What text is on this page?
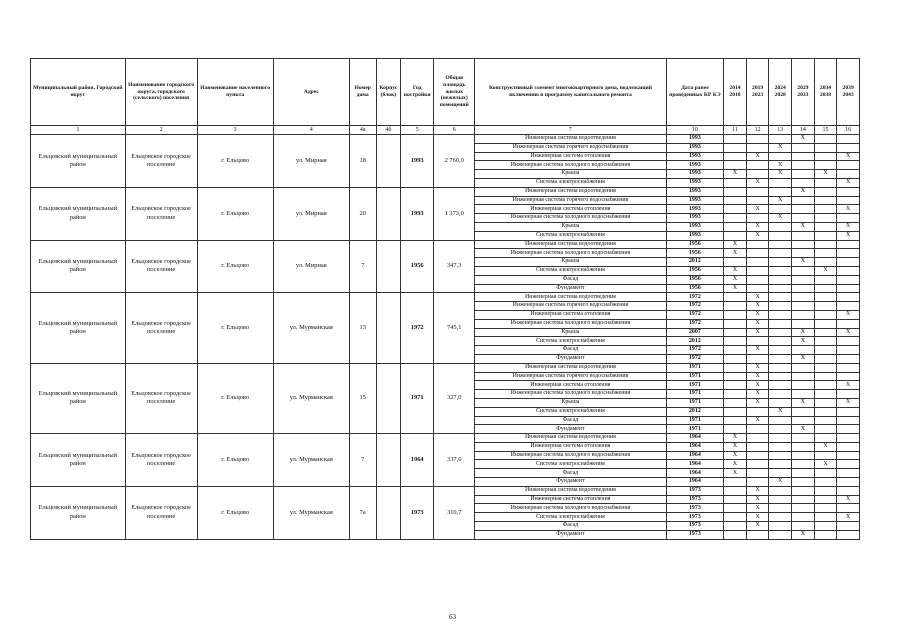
Муниципальный район, Городской округ	Наименование городского округа, городского (сельского) поселения	Наименование населенного пункта	Адрес	Номер дома	Корпус (блок)	Год постройки	Общая площадь жилых (нежилых) помещений	Конструктивный элемент многоквартирного дома, подлежащий включению в программу капитального ремонта	Дата ранее проведенных КР КЭ	2014 2018	2019 2023	2024 2028	2029 2033	2034 2038	2039 2043
1	2	3	4	4а	4б	5	6	7	10	11	12	13	14	15	16
Ельцовский муниципальный район	Ельцовское городское поселение	г. Ельцово	ул. Мирная	18		1993	2 760,0	Инженерная система водоотведения	1993				X		
								Инженерная система горячего водоснабжения	1993			X			
								Инженерная система отопления	1993		X				X
								Инженерная система холодного водоснабжения	1993			X			
								Крыша	1993	X		X		X	
								Система электроснабжения	1993		X				X
Ельцовский муниципальный район	Ельцовское городское поселение	г. Ельцово	ул. Мирная	20		1993	1 373,0	Инженерная система водоотведения	1993				X		
								Инженерная система горячего водоснабжения	1993			X			
								Инженерная система отопления	1993		X				X
								Инженерная система холодного водоснабжения	1993			X			
								Крыша	1993		X		X		X
								Система электроснабжения	1993		X				X
Ельцовский муниципальный район	Ельцовское городское поселение	г. Ельцово	ул. Мирная	7		1956	347,3	Инженерная система водоотведения	1956	X					
								Инженерная система холодного водоснабжения	1956	X					
								Крыша	2012				X		
								Система электроснабжения	1956	X				X	
								Фасад	1956	X					
								Фундамент	1956	X					
Ельцовский муниципальный район	Ельцовское городское поселение	г. Ельцово	ул. Мурманская	13		1972	745,1	Инженерная система водоотведения	1972		X				
								Инженерная система горячего водоснабжения	1972		X				
								Инженерная система отопления	1972		X				X
								Инженерная система холодного водоснабжения	1972		X				
								Крыша	2007		X		X		X
								Система электроснабжения	2012				X		
								Фасад	1972		X				
								Фундамент	1972				X		
Ельцовский муниципальный район	Ельцовское городское поселение	г. Ельцово	ул. Мурманская	15		1971	327,0	Инженерная система водоотведения	1971		X				
								Инженерная система горячего водоснабжения	1971		X				
								Инженерная система отопления	1971		X				X
								Инженерная система холодного водоснабжения	1971		X				
								Крыша	1971		X		X		X
								Система электроснабжения	2012			X			
								Фасад	1971		X				
								Фундамент	1971				X		
Ельцовский муниципальный район	Ельцовское городское поселение	г. Ельцово	ул. Мурманская	7		1964	337,6	Инженерная система водоотведения	1964	X					
								Инженерная система отопления	1964	X				X	
								Инженерная система холодного водоснабжения	1964	X					
								Система электроснабжения	1964	X				X	
								Фасад	1964	X					
								Фундамент	1964			X			
Ельцовский муниципальный район	Ельцовское городское поселение	г. Ельцово	ул. Мурманская	7а		1973	310,7	Инженерная система водоотведения	1973		X				
								Инженерная система отопления	1973		X				X
								Инженерная система холодного водоснабжения	1973		X				
								Система электроснабжения	1973		X				X
								Фасад	1973		X				
								Фундамент	1973				X		
63
